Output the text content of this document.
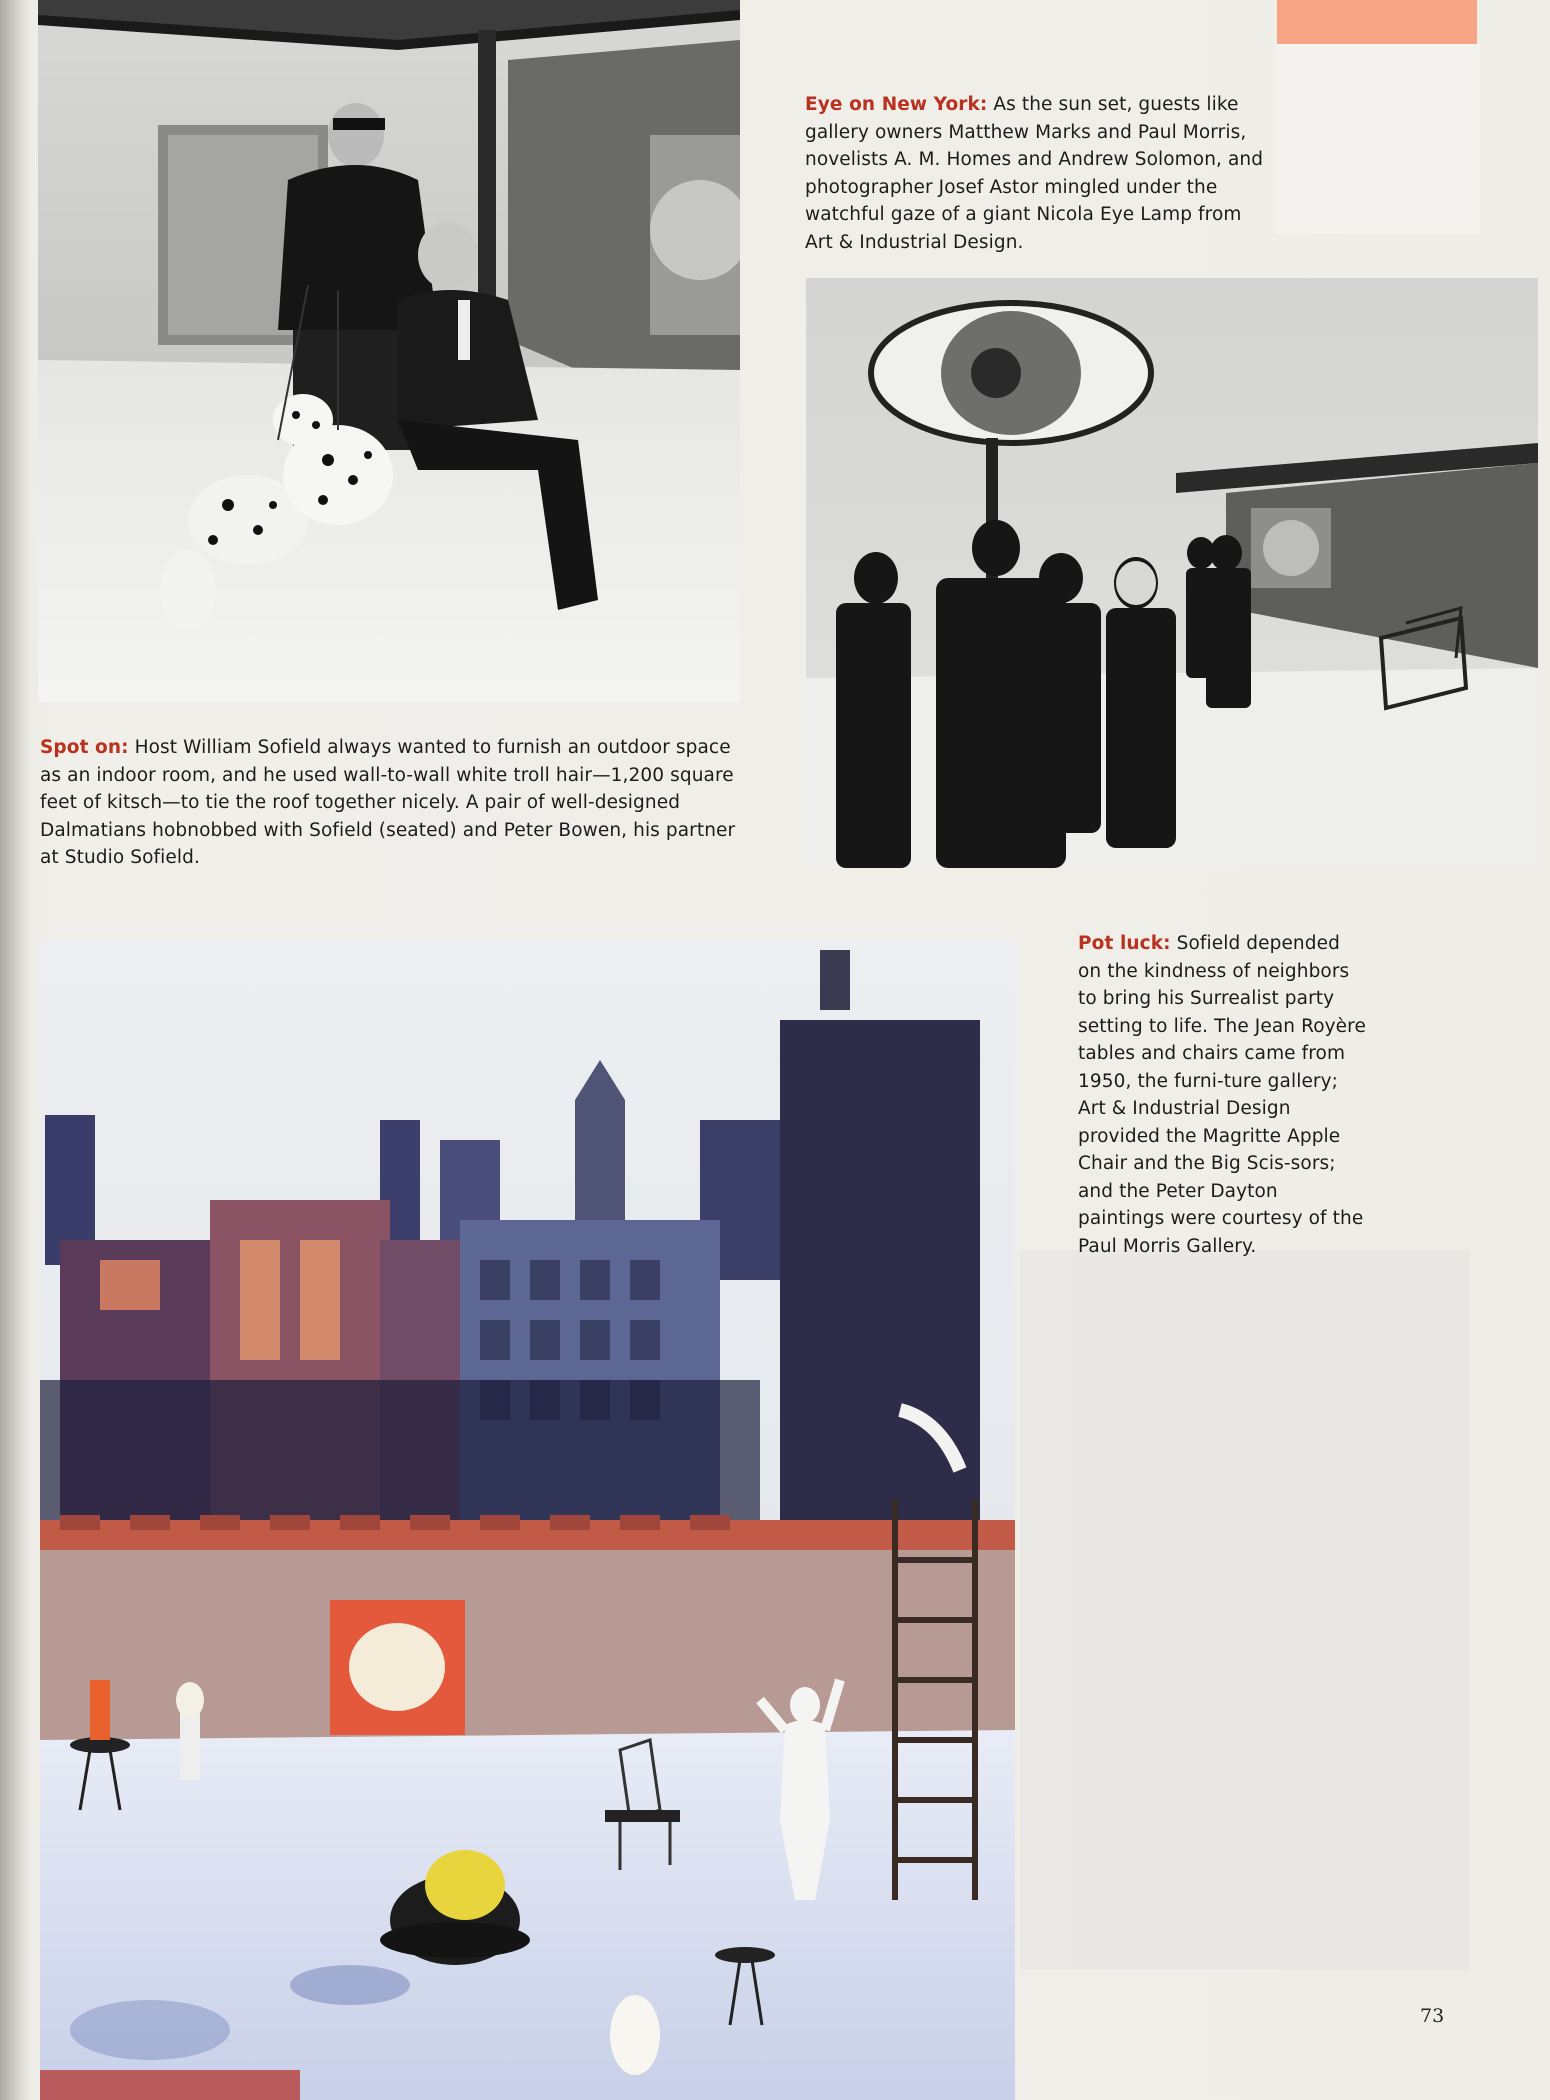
Eye on New York: As the sun set, guests like gallery owners Matthew Marks and Paul Morris, novelists A. M. Homes and Andrew Solomon, and photographer Josef Astor mingled under the watchful gaze of a giant Nicola Eye Lamp from Art & Industrial Design.
Spot on: Host William Sofield always wanted to furnish an outdoor space as an indoor room, and he used wall-to-wall white troll hair—1,200 square feet of kitsch—to tie the roof together nicely. A pair of well-designed Dalmatians hobnobbed with Sofield (seated) and Peter Bowen, his partner at Studio Sofield.
Pot luck: Sofield depended on the kindness of neighbors to bring his Surrealist party setting to life. The Jean Royère tables and chairs came from 1950, the furni-ture gallery; Art & Industrial Design provided the Magritte Apple Chair and the Big Scis-sors; and the Peter Dayton paintings were courtesy of the Paul Morris Gallery.
73
